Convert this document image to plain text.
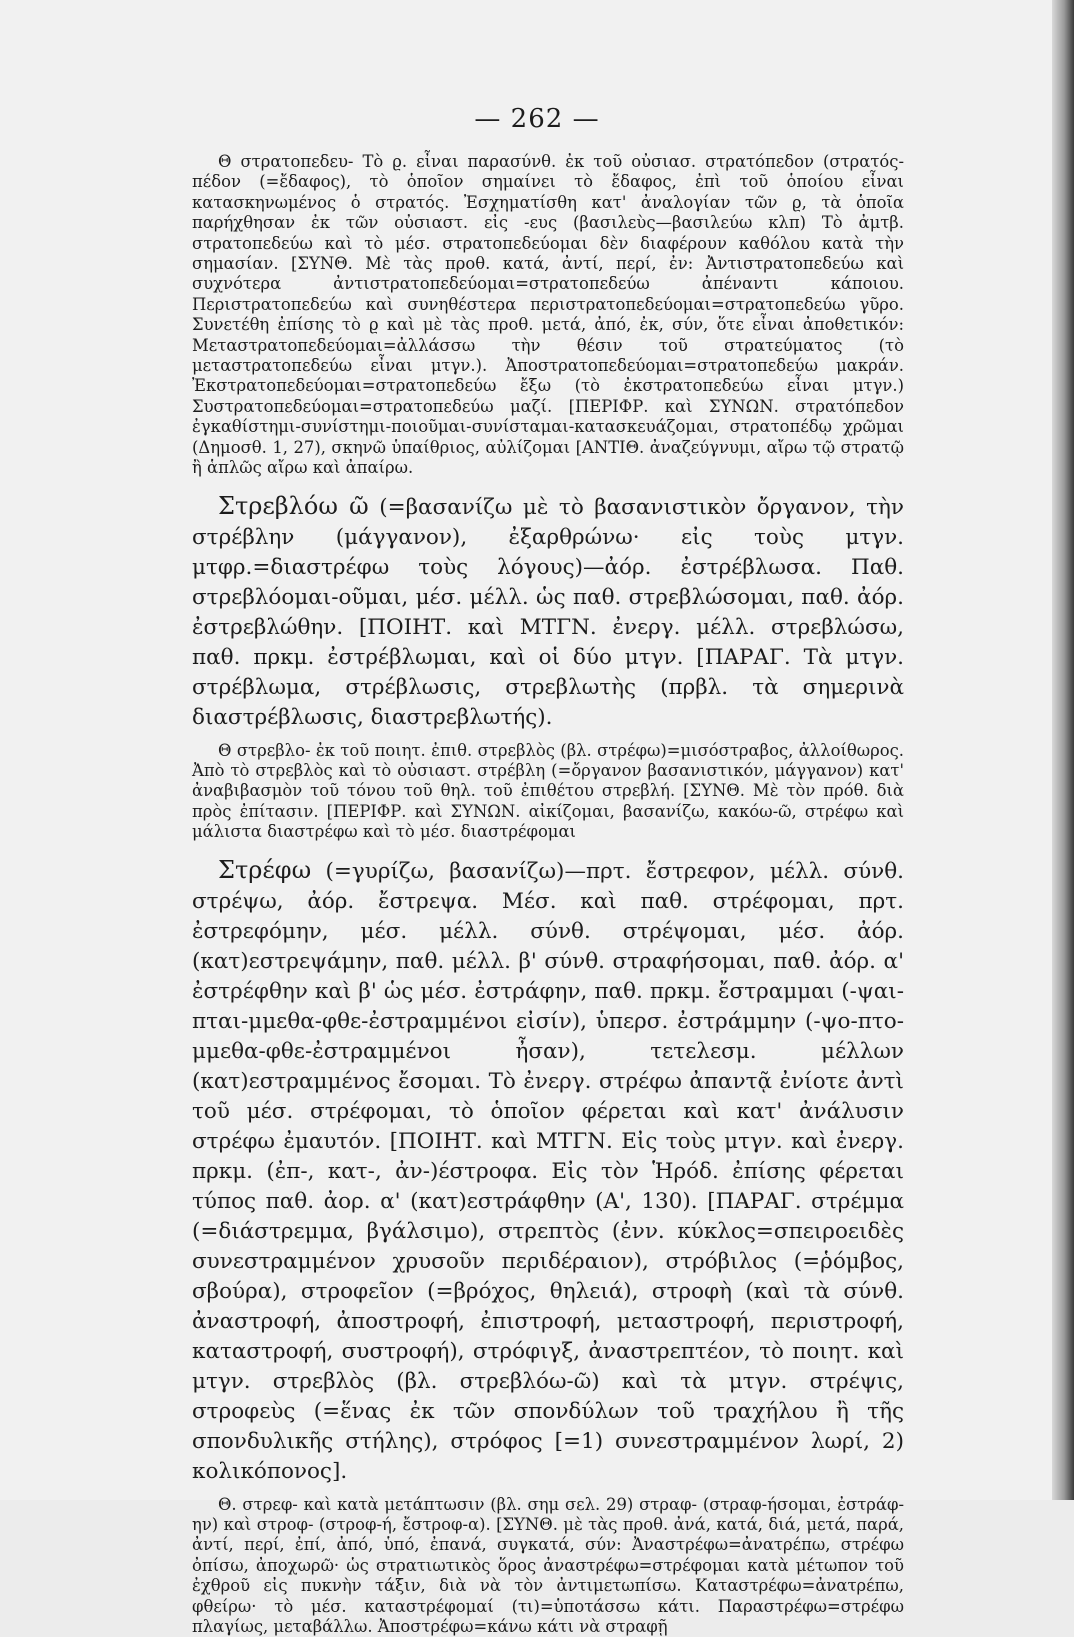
— 262 —

Θ στρατοπεδευ- Τὸ ϱ. εἶναι παρασύνθ. ἐκ τοῦ οὐσιασ. στρατόπεδον (στρατός-πέδον (=ἔδαφος), τὸ ὁποῖον σημαίνει τὸ ἔδαφος, ἐπὶ τοῦ ὁποίου εἶναι κατασκηνωμένος ὁ στρατός. Ἐσχηματίσθη κατ' ἀναλογίαν τῶν ϱ, τὰ ὁποῖα παρήχθησαν ἐκ τῶν οὐσιαστ. εἰς -ευς (βασιλεὺς—βασιλεύω κλπ) Τὸ ἀμτβ. στρατοπεδεύω καὶ τὸ μέσ. στρατοπεδεύομαι δὲν διαφέρουν καθόλου κατὰ τὴν σημασίαν. [ΣΥΝΘ. Μὲ τὰς προθ. κατά, ἀντί, περί, ἐν: Ἀντιστρατοπεδεύω καὶ συχνότερα ἀντιστρατοπεδεύομαι=στρατοπεδεύω ἀπέναντι κάποιου. Περιστρατοπεδεύω καὶ συνηθέστερα περιστρατοπεδεύομαι=στρατοπεδεύω γῦρο. Συνετέθη ἐπίσης τὸ ϱ καὶ μὲ τὰς προθ. μετά, ἀπό, ἐκ, σύν, ὅτε εἶναι ἀποθετικόν: Μεταστρατοπεδεύομαι=ἀλλάσσω τὴν θέσιν τοῦ στρατεύματος (τὸ μεταστρατοπεδεύω εἶναι μτγν.). Ἀποστρατοπεδεύομαι=στρατοπεδεύω μακράν. Ἐκστρατοπεδεύομαι=στρατοπεδεύω ἔξω (τὸ ἐκστρατοπεδεύω εἶναι μτγν.) Συστρατοπεδεύομαι=στρατοπεδεύω μαζί. [ΠΕΡΙΦΡ. καὶ ΣΥΝΩΝ. στρατόπεδον ἐγκαθίστημι-συνίστημι-ποιοῦμαι-συνίσταμαι-κατασκευάζομαι, στρατοπέδῳ χρῶμαι (Δημοσθ. 1, 27), σκηνῶ ὑπαίθριος, αὐλίζομαι [ΑΝΤΙΘ. ἀναζεύγνυμι, αἴρω τῷ στρατῷ ἢ ἁπλῶς αἴρω καὶ ἀπαίρω.

Στρεβλόω ῶ (=βασανίζω μὲ τὸ βασανιστικὸν ὄργανον, τὴν στρέβλην (μάγγανον), ἐξαρθρώνω· εἰς τοὺς μτγν. μτφρ.=διαστρέφω τοὺς λόγους)—ἀόρ. ἐστρέβλωσα. Παθ. στρεβλόομαι-οῦμαι, μέσ. μέλλ. ὡς παθ. στρεβλώσομαι, παθ. ἀόρ. ἐστρεβλώθην. [ΠΟΙΗΤ. καὶ ΜΤΓΝ. ἐνεργ. μέλλ. στρεβλώσω, παθ. πρκμ. ἐστρέβλωμαι, καὶ οἱ δύο μτγν. [ΠΑΡΑΓ. Τὰ μτγν. στρέβλωμα, στρέβλωσις, στρεβλωτὴς (πρβλ. τὰ σημερινὰ διαστρέβλωσις, διαστρεβλωτής).

Θ στρεβλο- ἐκ τοῦ ποιητ. ἐπιθ. στρεβλὸς (βλ. στρέφω)=μισόστραβος, ἀλλοίθωρος. Ἀπὸ τὸ στρεβλὸς καὶ τὸ οὐσιαστ. στρέβλη (=ὄργανον βασανιστικόν, μάγγανον) κατ' ἀναβιβασμὸν τοῦ τόνου τοῦ θηλ. τοῦ ἐπιθέτου στρεβλή. [ΣΥΝΘ. Μὲ τὸν πρόθ. διὰ πρὸς ἐπίτασιν. [ΠΕΡΙΦΡ. καὶ ΣΥΝΩΝ. αἰκίζομαι, βασανίζω, κακόω-ῶ, στρέφω καὶ μάλιστα διαστρέφω καὶ τὸ μέσ. διαστρέφομαι

Στρέφω (=γυρίζω, βασανίζω)—πρτ. ἔστρεφον, μέλλ. σύνθ. στρέψω, ἀόρ. ἔστρεψα. Μέσ. καὶ παθ. στρέφομαι, πρτ. ἐστρεφόμην, μέσ. μέλλ. σύνθ. στρέψομαι, μέσ. ἀόρ. (κατ)εστρεψάμην, παθ. μέλλ. β' σύνθ. στραφήσομαι, παθ. ἀόρ. α' ἐστρέφθην καὶ β' ὡς μέσ. ἐστράφην, παθ. πρκμ. ἔστραμμαι (-ψαι-πται-μμεθα-φθε-ἐστραμμένοι εἰσίν), ὑπερσ. ἐστράμμην (-ψο-πτο-μμεθα-φθε-ἐστραμμένοι ἦσαν), τετελεσμ. μέλλων (κατ)εστραμμένος ἔσομαι. Τὸ ἐνεργ. στρέφω ἀπαντᾷ ἐνίοτε ἀντὶ τοῦ μέσ. στρέφομαι, τὸ ὁποῖον φέρεται καὶ κατ' ἀνάλυσιν στρέφω ἐμαυτόν. [ΠΟΙΗΤ. καὶ ΜΤΓΝ. Εἰς τοὺς μτγν. καὶ ἐνεργ. πρκμ. (ἐπ-, κατ-, ἀν-)έστροφα. Εἰς τὸν Ἡρόδ. ἐπίσης φέρεται τύπος παθ. ἀορ. α' (κατ)εστράφθην (Α', 130). [ΠΑΡΑΓ. στρέμμα (=διάστρεμμα, βγάλσιμο), στρεπτὸς (ἐνν. κύκλος=σπειροειδὲς συνεστραμμένον χρυσοῦν περιδέραιον), στρόβιλος (=ῥόμβος, σβούρα), στροφεῖον (=βρόχος, θηλειά), στροφὴ (καὶ τὰ σύνθ. ἀναστροφή, ἀποστροφή, ἐπιστροφή, μεταστροφή, περιστροφή, καταστροφή, συστροφή), στρόφιγξ, ἀναστρεπτέον, τὸ ποιητ. καὶ μτγν. στρεβλὸς (βλ. στρεβλόω-ῶ) καὶ τὰ μτγν. στρέψις, στροφεὺς (=ἕνας ἐκ τῶν σπονδύλων τοῦ τραχήλου ἢ τῆς σπονδυλικῆς στήλης), στρόφος [=1) συνεστραμμένον λωρί, 2) κολικόπονος].

Θ. στρεφ- καὶ κατὰ μετάπτωσιν (βλ. σημ σελ. 29) στραφ- (στραφ-ήσομαι, ἐστράφ-ην) καὶ στροφ- (στροφ-ή, ἔστροφ-α). [ΣΥΝΘ. μὲ τὰς προθ. ἀνά, κατά, διά, μετά, παρά, ἀντί, περί, ἐπί, ἀπό, ὑπό, ἐπανά, συγκατά, σύν: Ἀναστρέφω=ἀνατρέπω, στρέφω ὀπίσω, ἀποχωρῶ· ὡς στρατιωτικὸς ὅρος ἀναστρέφω=στρέφομαι κατὰ μέτωπον τοῦ ἐχθροῦ εἰς πυκνὴν τάξιν, διὰ νὰ τὸν ἀντιμετωπίσω. Καταστρέφω=ἀνατρέπω, φθείρω· τὸ μέσ. καταστρέφομαί (τι)=ὑποτάσσω κάτι. Παραστρέφω=στρέφω πλαγίως, μεταβάλλω. Ἀποστρέφω=κάνω κάτι νὰ στραφῇ
